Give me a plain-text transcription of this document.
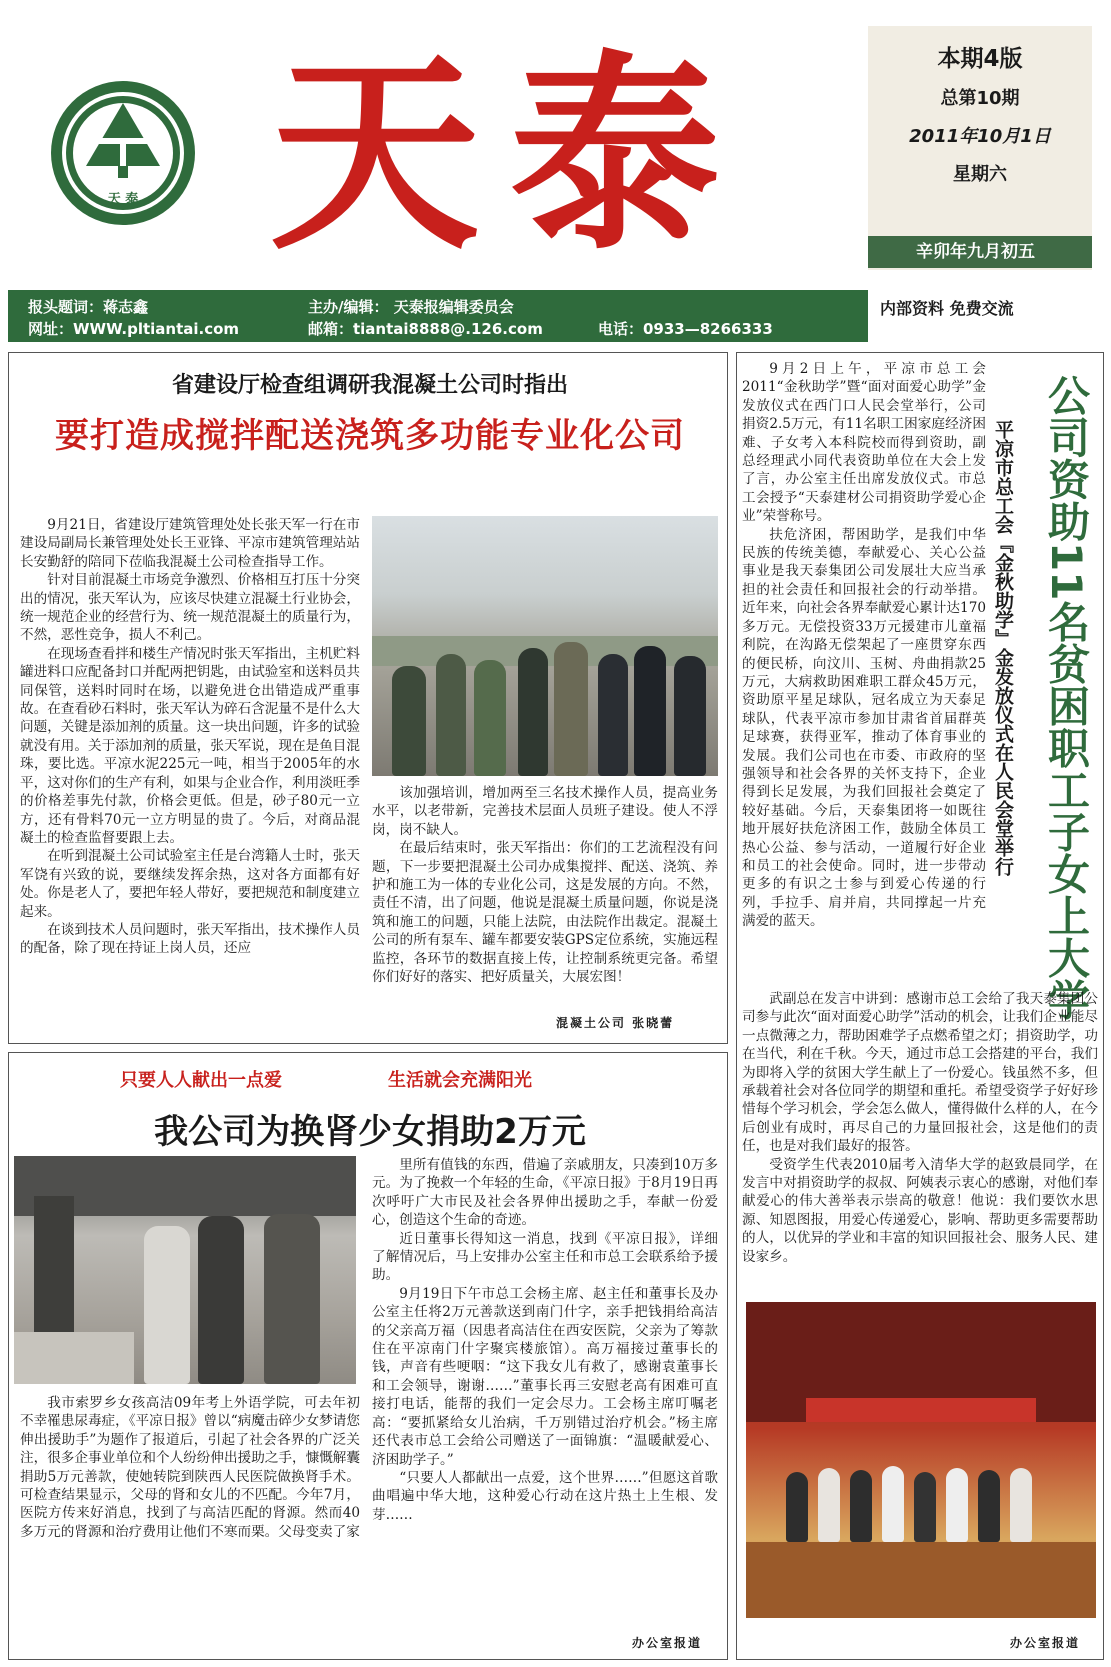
天 泰 天泰	本期4版
总第10期
2011年10月1日
星期六
辛卯年九月初五
报头题词：蒋志鑫	主办/编辑： 天泰报编辑委员会
网址：WWW.pltiantai.com	邮箱：tiantai8888@.126.com	电话：0933—8266333
内部资料 免费交流
省建设厅检查组调研我混凝土公司时指出
要打造成搅拌配送浇筑多功能专业化公司

9月21日，省建设厅建筑管理处处长张天军一行在市建设局副局长兼管理处处长王亚锋、平凉市建筑管理站站长安勤舒的陪同下莅临我混凝土公司检查指导工作。

针对目前混凝土市场竞争激烈、价格相互打压十分突出的情况，张天军认为，应该尽快建立混凝土行业协会，统一规范企业的经营行为、统一规范混凝土的质量行为，不然，恶性竞争，损人不利己。

在现场查看拌和楼生产情况时张天军指出，主机贮料罐进料口应配备封口并配两把钥匙，由试验室和送料员共同保管，送料时同时在场，以避免进仓出错造成严重事故。在查看砂石料时，张天军认为碎石含泥量不是什么大问题，关键是添加剂的质量。这一块出问题，许多的试验就没有用。关于添加剂的质量，张天军说，现在是鱼目混珠，要比选。平凉水泥225元一吨，相当于2005年的水平，这对你们的生产有利，如果与企业合作，利用淡旺季的价格差事先付款，价格会更低。但是，砂子80元一立方，还有骨料70元一立方明显的贵了。今后，对商品混凝土的检查监督要跟上去。

在听到混凝土公司试验室主任是台湾籍人士时，张天军饶有兴致的说，要继续发挥余热，这对各方面都有好处。你是老人了，要把年轻人带好，要把规范和制度建立起来。

在谈到技术人员问题时，张天军指出，技术操作人员的配备，除了现在持证上岗人员，还应

该加强培训，增加两至三名技术操作人员，提高业务水平，以老带新，完善技术层面人员班子建设。使人不浮岗，岗不缺人。

在最后结束时，张天军指出：你们的工艺流程没有问题，下一步要把混凝土公司办成集搅拌、配送、浇筑、养护和施工为一体的专业化公司，这是发展的方向。不然，责任不清，出了问题，他说是混凝土质量问题，你说是浇筑和施工的问题，只能上法院，由法院作出裁定。混凝土公司的所有泵车、罐车都要安装GPS定位系统，实施远程监控，各环节的数据直接上传，让控制系统更完备。希望你们好好的落实、把好质量关，大展宏图！

混凝土公司 张晓蕾
只要人人献出一点爱	生活就会充满阳光
我公司为换肾少女捐助2万元

我市索罗乡女孩高洁09年考上外语学院，可去年初不幸罹患尿毒症，《平凉日报》曾以“病魔击碎少女梦请您伸出援助手”为题作了报道后，引起了社会各界的广泛关注，很多企事业单位和个人纷纷伸出援助之手，慷慨解囊捐助5万元善款，使她转院到陕西人民医院做换肾手术。可检查结果显示，父母的肾和女儿的不匹配。今年7月，医院方传来好消息，找到了与高洁匹配的肾源。然而40多万元的肾源和治疗费用让他们不寒而栗。父母变卖了家

里所有值钱的东西，借遍了亲戚朋友，只凑到10万多元。为了挽救一个年轻的生命，《平凉日报》于8月19日再次呼吁广大市民及社会各界伸出援助之手，奉献一份爱心，创造这个生命的奇迹。

近日董事长得知这一消息，找到《平凉日报》，详细了解情况后，马上安排办公室主任和市总工会联系给予援助。

9月19日下午市总工会杨主席、赵主任和董事长及办公室主任将2万元善款送到南门什字，亲手把钱捐给高洁的父亲高万福（因患者高洁住在西安医院，父亲为了筹款住在平凉南门什字聚宾楼旅馆）。高万福接过董事长的钱，声音有些哽咽：“这下我女儿有救了，感谢袁董事长和工会领导，谢谢……”董事长再三安慰老高有困难可直接打电话，能帮的我们一定会尽力。工会杨主席叮嘱老高：“要抓紧给女儿治病，千万别错过治疗机会。”杨主席还代表市总工会给公司赠送了一面锦旗：“温暖献爱心、济困助学子。”

“只要人人都献出一点爱，这个世界……”但愿这首歌曲唱遍中华大地，这种爱心行动在这片热土上生根、发芽……

办公室报道

9月2日上午，平凉市总工会2011“金秋助学”暨“面对面爱心助学”金发放仪式在西门口人民会堂举行，公司捐资2.5万元，有11名职工困家庭经济困难、子女考入本科院校而得到资助，副总经理武小同代表资助单位在大会上发了言，办公室主任出席发放仪式。市总工会授予“天泰建材公司捐资助学爱心企业”荣誉称号。

扶危济困，帮困助学，是我们中华民族的传统美德，奉献爱心、关心公益事业是我天泰集团公司发展壮大应当承担的社会责任和回报社会的行动举措。近年来，向社会各界奉献爱心累计达170多万元。无偿投资33万元援建市儿童福利院，在沟路无偿架起了一座贯穿东西的便民桥，向汶川、玉树、舟曲捐款25万元，大病救助困难职工群众45万元，资助原平星足球队，冠名成立为天泰足球队，代表平凉市参加甘肃省首届群英足球赛，获得亚军，推动了体育事业的发展。我们公司也在市委、市政府的坚强领导和社会各界的关怀支持下，企业得到长足发展，为我们回报社会奠定了较好基础。今后，天泰集团将一如既往地开展好扶危济困工作，鼓励全体员工热心公益、参与活动，一道履行好企业和员工的社会使命。同时，进一步带动更多的有识之士参与到爱心传递的行列，手拉手、肩并肩，共同撑起一片充满爱的蓝天。	公司资助11名贫困职工子女上大学
平凉市总工会『金秋助学』金发放仪式在人民会堂举行

武副总在发言中讲到：感谢市总工会给了我天泰集团公司参与此次“面对面爱心助学”活动的机会，让我们企业能尽一点微薄之力，帮助困难学子点燃希望之灯；捐资助学，功在当代，利在千秋。今天，通过市总工会搭建的平台，我们为即将入学的贫困大学生献上了一份爱心。钱虽然不多，但承载着社会对各位同学的期望和重托。希望受资学子好好珍惜每个学习机会，学会怎么做人，懂得做什么样的人，在今后创业有成时，再尽自己的力量回报社会，这是他们的责任，也是对我们最好的报答。

受资学生代表2010届考入清华大学的赵致晨同学，在发言中对捐资助学的叔叔、阿姨表示衷心的感谢，对他们奉献爱心的伟大善举表示崇高的敬意！他说：我们要饮水思源、知恩图报，用爱心传递爱心，影响、帮助更多需要帮助的人，以优异的学业和丰富的知识回报社会、服务人民、建设家乡。

办公室报道
